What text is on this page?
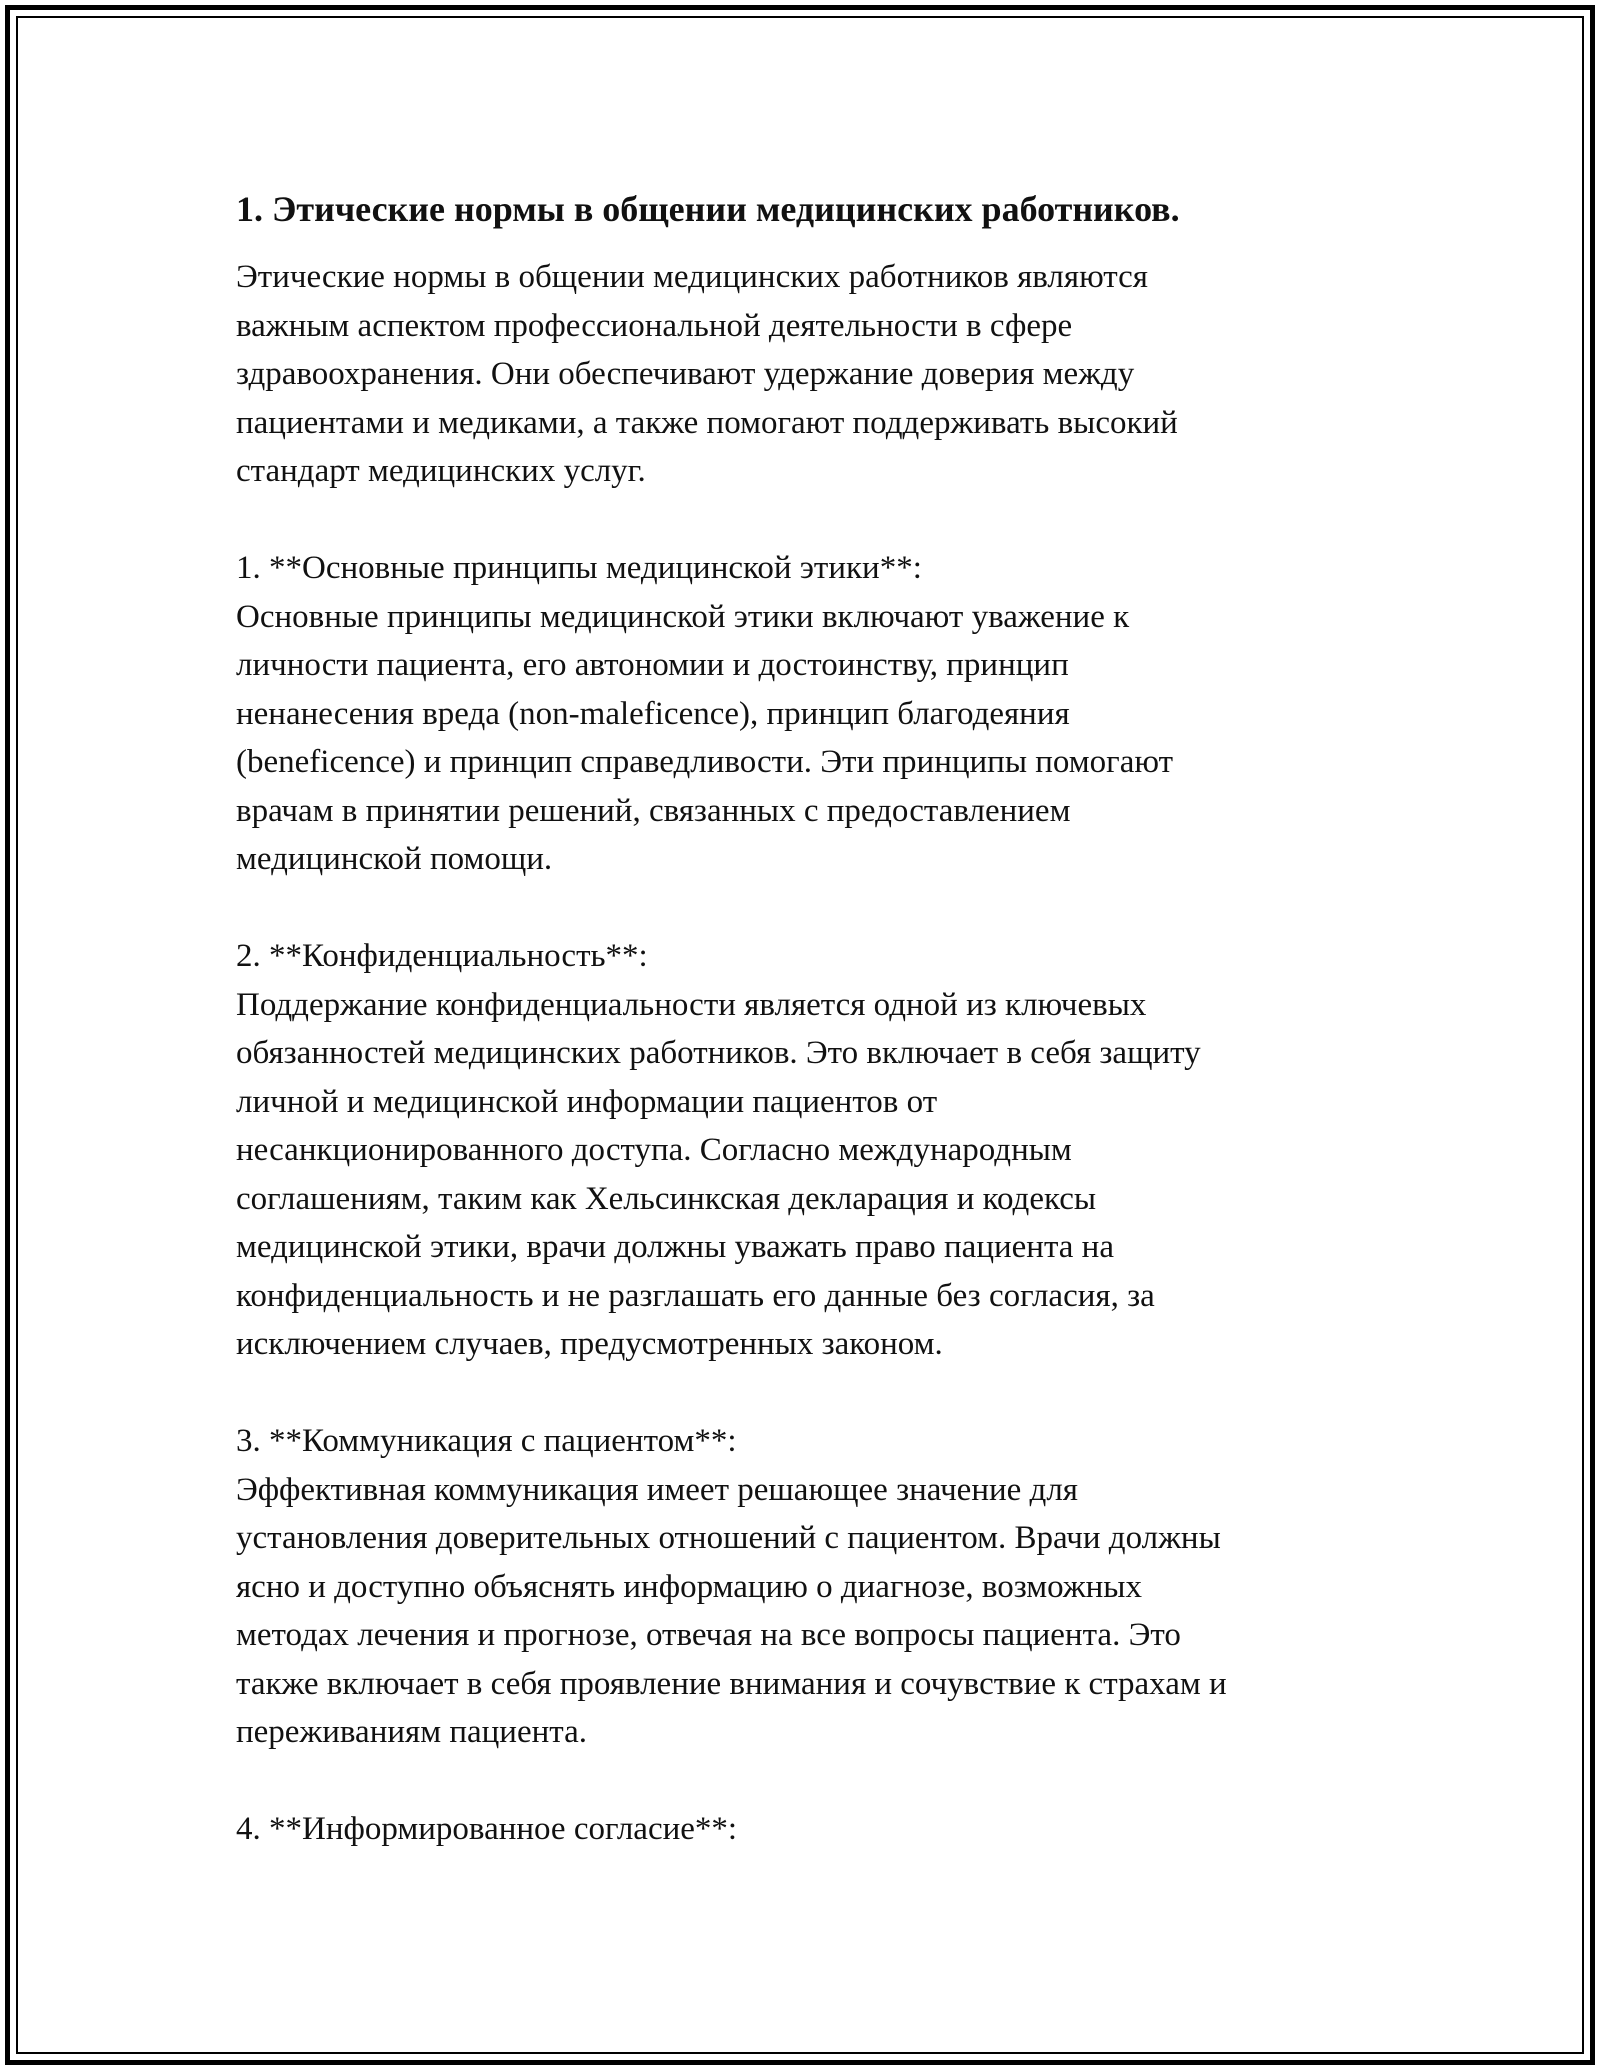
1. Этические нормы в общении медицинских работников.

Этические нормы в общении медицинских работников являются
важным аспектом профессиональной деятельности в сфере
здравоохранения. Они обеспечивают удержание доверия между
пациентами и медиками, а также помогают поддерживать высокий
стандарт медицинских услуг.

1. **Основные принципы медицинской этики**:

Основные принципы медицинской этики включают уважение к
личности пациента, его автономии и достоинству, принцип
ненанесения вреда (non-maleficence), принцип благодеяния
(beneficence) и принцип справедливости. Эти принципы помогают
врачам в принятии решений, связанных с предоставлением
медицинской помощи.

2. **Конфиденциальность**:

Поддержание конфиденциальности является одной из ключевых
обязанностей медицинских работников. Это включает в себя защиту
личной и медицинской информации пациентов от
несанкционированного доступа. Согласно международным
соглашениям, таким как Хельсинкская декларация и кодексы
медицинской этики, врачи должны уважать право пациента на
конфиденциальность и не разглашать его данные без согласия, за
исключением случаев, предусмотренных законом.

3. **Коммуникация с пациентом**:

Эффективная коммуникация имеет решающее значение для
установления доверительных отношений с пациентом. Врачи должны
ясно и доступно объяснять информацию о диагнозе, возможных
методах лечения и прогнозе, отвечая на все вопросы пациента. Это
также включает в себя проявление внимания и сочувствие к страхам и
переживаниям пациента.

4. **Информированное согласие**:
